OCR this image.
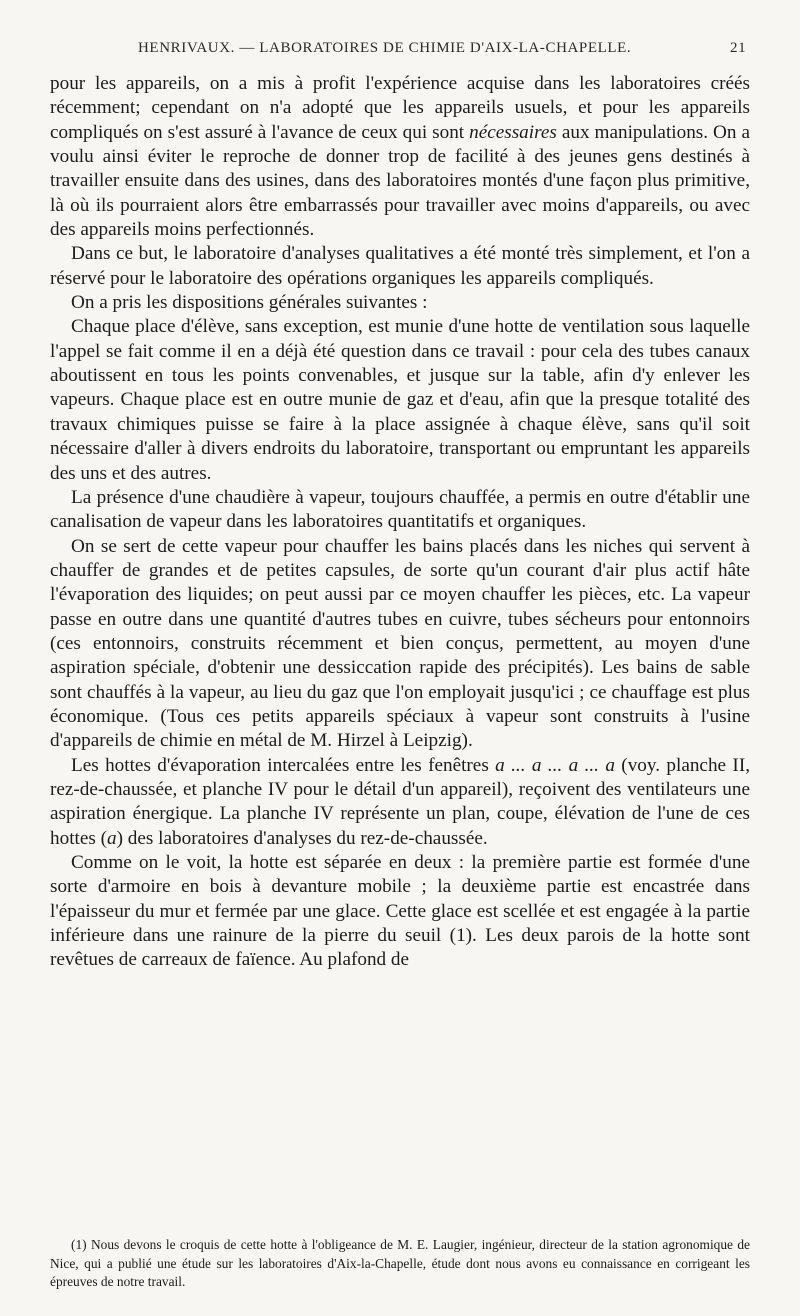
HENRIVAUX. — LABORATOIRES DE CHIMIE D'AIX-LA-CHAPELLE.	21

pour les appareils, on a mis à profit l'expérience acquise dans les laboratoires créés récemment; cependant on n'a adopté que les appareils usuels, et pour les appareils compliqués on s'est assuré à l'avance de ceux qui sont nécessaires aux manipulations. On a voulu ainsi éviter le reproche de donner trop de facilité à des jeunes gens destinés à travailler ensuite dans des usines, dans des laboratoires montés d'une façon plus primitive, là où ils pourraient alors être embarrassés pour travailler avec moins d'appareils, ou avec des appareils moins perfectionnés.

Dans ce but, le laboratoire d'analyses qualitatives a été monté très simplement, et l'on a réservé pour le laboratoire des opérations organiques les appareils compliqués.

On a pris les dispositions générales suivantes :

Chaque place d'élève, sans exception, est munie d'une hotte de ventilation sous laquelle l'appel se fait comme il en a déjà été question dans ce travail : pour cela des tubes canaux aboutissent en tous les points convenables, et jusque sur la table, afin d'y enlever les vapeurs. Chaque place est en outre munie de gaz et d'eau, afin que la presque totalité des travaux chimiques puisse se faire à la place assignée à chaque élève, sans qu'il soit nécessaire d'aller à divers endroits du laboratoire, transportant ou empruntant les appareils des uns et des autres.

La présence d'une chaudière à vapeur, toujours chauffée, a permis en outre d'établir une canalisation de vapeur dans les laboratoires quantitatifs et organiques.

On se sert de cette vapeur pour chauffer les bains placés dans les niches qui servent à chauffer de grandes et de petites capsules, de sorte qu'un courant d'air plus actif hâte l'évaporation des liquides; on peut aussi par ce moyen chauffer les pièces, etc. La vapeur passe en outre dans une quantité d'autres tubes en cuivre, tubes sécheurs pour entonnoirs (ces entonnoirs, construits récemment et bien conçus, permettent, au moyen d'une aspiration spéciale, d'obtenir une dessiccation rapide des précipités). Les bains de sable sont chauffés à la vapeur, au lieu du gaz que l'on employait jusqu'ici ; ce chauffage est plus économique. (Tous ces petits appareils spéciaux à vapeur sont construits à l'usine d'appareils de chimie en métal de M. Hirzel à Leipzig).

Les hottes d'évaporation intercalées entre les fenêtres a ... a ... a ... a (voy. planche II, rez-de-chaussée, et planche IV pour le détail d'un appareil), reçoivent des ventilateurs une aspiration énergique. La planche IV représente un plan, coupe, élévation de l'une de ces hottes (a) des laboratoires d'analyses du rez-de-chaussée.

Comme on le voit, la hotte est séparée en deux : la première partie est formée d'une sorte d'armoire en bois à devanture mobile ; la deuxième partie est encastrée dans l'épaisseur du mur et fermée par une glace. Cette glace est scellée et est engagée à la partie inférieure dans une rainure de la pierre du seuil (1). Les deux parois de la hotte sont revêtues de carreaux de faïence. Au plafond de

(1) Nous devons le croquis de cette hotte à l'obligeance de M. E. Laugier, ingénieur, directeur de la station agronomique de Nice, qui a publié une étude sur les laboratoires d'Aix-la-Chapelle, étude dont nous avons eu connaissance en corrigeant les épreuves de notre travail.
